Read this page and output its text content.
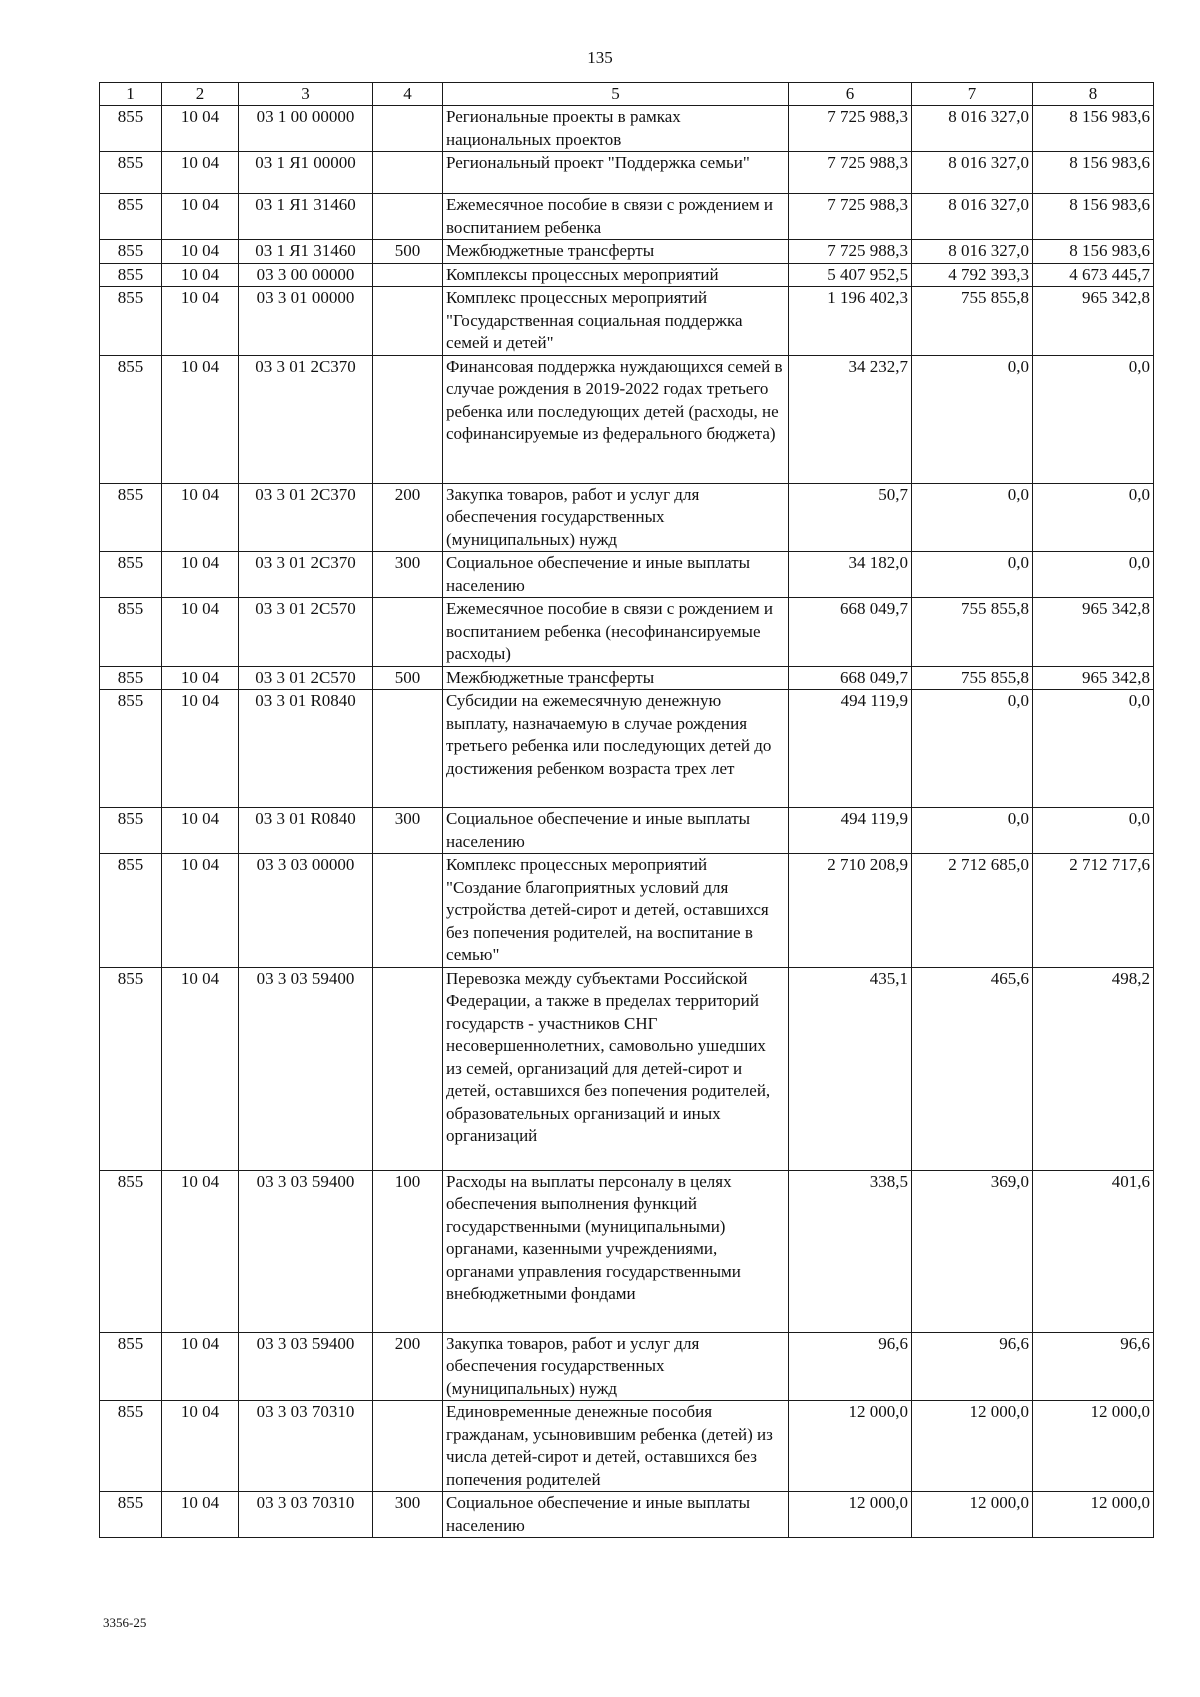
135
1	2	3	4	5	6	7	8
855	10 04	03 1 00 00000		Региональные проекты в рамках национальных проектов	7 725 988,3	8 016 327,0	8 156 983,6
855	10 04	03 1 Я1 00000		Региональный проект "Поддержка семьи"	7 725 988,3	8 016 327,0	8 156 983,6
855	10 04	03 1 Я1 31460		Ежемесячное пособие в связи с рождением и воспитанием ребенка	7 725 988,3	8 016 327,0	8 156 983,6
855	10 04	03 1 Я1 31460	500	Межбюджетные трансферты	7 725 988,3	8 016 327,0	8 156 983,6
855	10 04	03 3 00 00000		Комплексы процессных мероприятий	5 407 952,5	4 792 393,3	4 673 445,7
855	10 04	03 3 01 00000		Комплекс процессных мероприятий "Государственная социальная поддержка семей и детей"	1 196 402,3	755 855,8	965 342,8
855	10 04	03 3 01 2С370		Финансовая поддержка нуждающихся семей в случае рождения в 2019-2022 годах третьего ребенка или последующих детей (расходы, не софинансируемые из федерального бюджета)	34 232,7	0,0	0,0
855	10 04	03 3 01 2С370	200	Закупка товаров, работ и услуг для обеспечения государственных (муниципальных) нужд	50,7	0,0	0,0
855	10 04	03 3 01 2С370	300	Социальное обеспечение и иные выплаты населению	34 182,0	0,0	0,0
855	10 04	03 3 01 2С570		Ежемесячное пособие в связи с рождением и воспитанием ребенка (несофинансируемые расходы)	668 049,7	755 855,8	965 342,8
855	10 04	03 3 01 2С570	500	Межбюджетные трансферты	668 049,7	755 855,8	965 342,8
855	10 04	03 3 01 R0840		Субсидии на ежемесячную денежную выплату, назначаемую в случае рождения третьего ребенка или последующих детей до достижения ребенком возраста трех лет	494 119,9	0,0	0,0
855	10 04	03 3 01 R0840	300	Социальное обеспечение и иные выплаты населению	494 119,9	0,0	0,0
855	10 04	03 3 03 00000		Комплекс процессных мероприятий "Создание благоприятных условий для устройства детей-сирот и детей, оставшихся без попечения родителей, на воспитание в семью"	2 710 208,9	2 712 685,0	2 712 717,6
855	10 04	03 3 03 59400		Перевозка между субъектами Российской Федерации, а также в пределах территорий государств - участников СНГ несовершеннолетних, самовольно ушедших из семей, организаций для детей-сирот и детей, оставшихся без попечения родителей, образовательных организаций и иных организаций	435,1	465,6	498,2
855	10 04	03 3 03 59400	100	Расходы на выплаты персоналу в целях обеспечения выполнения функций государственными (муниципальными) органами, казенными учреждениями, органами управления государственными внебюджетными фондами	338,5	369,0	401,6
855	10 04	03 3 03 59400	200	Закупка товаров, работ и услуг для обеспечения государственных (муниципальных) нужд	96,6	96,6	96,6
855	10 04	03 3 03 70310		Единовременные денежные пособия гражданам, усыновившим ребенка (детей) из числа детей-сирот и детей, оставшихся без попечения родителей	12 000,0	12 000,0	12 000,0
855	10 04	03 3 03 70310	300	Социальное обеспечение и иные выплаты населению	12 000,0	12 000,0	12 000,0
3356-25
